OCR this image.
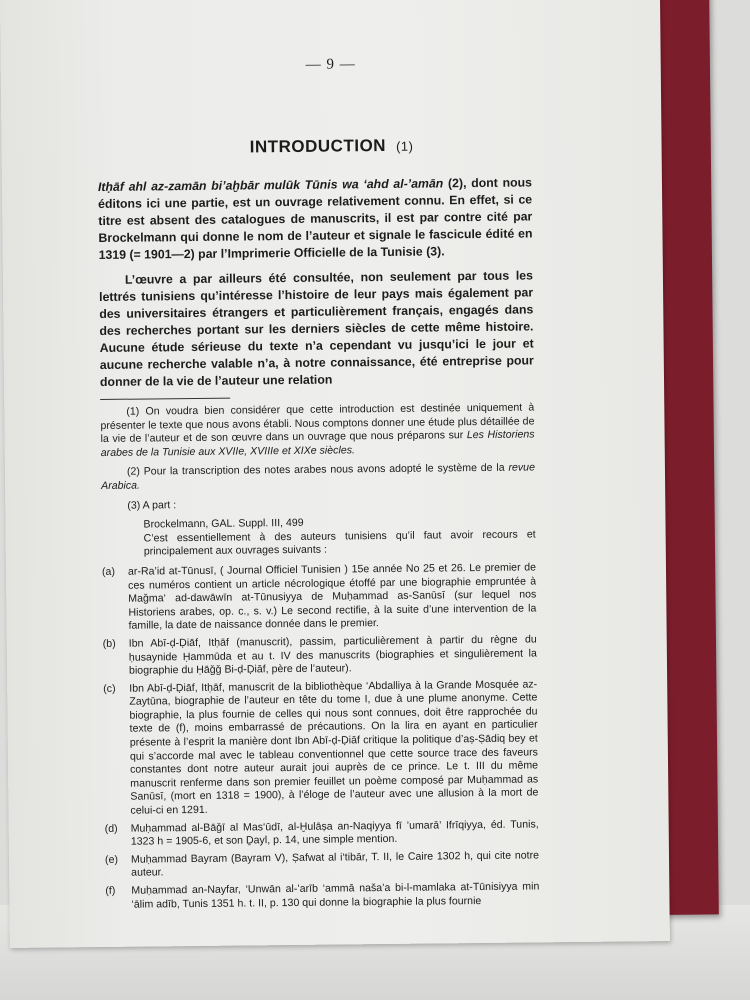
— 9 —
INTRODUCTION (1)

Itḥāf ahl az-zamān bi’aḫbār mulūk Tūnis wa ‘ahd al-’amān (2), dont nous éditons ici une partie, est un ouvrage relativement connu. En effet, si ce titre est absent des catalogues de manuscrits, il est par contre cité par Brockelmann qui donne le nom de l’auteur et signale le fascicule édité en 1319 (= 1901—2) par l’Imprimerie Officielle de la Tunisie (3).

L’œuvre a par ailleurs été consultée, non seulement par tous les lettrés tunisiens qu’intéresse l’histoire de leur pays mais également par des universitaires étrangers et particulièrement français, engagés dans des recherches portant sur les derniers siècles de cette même histoire. Aucune étude sérieuse du texte n’a cependant vu jusqu’ici le jour et aucune recherche valable n’a, à notre connaissance, été entreprise pour donner de la vie de l’auteur une relation

(1) On voudra bien considérer que cette introduction est destinée uniquement à présenter le texte que nous avons établi. Nous comptons donner une étude plus détaillée de la vie de l’auteur et de son œuvre dans un ouvrage que nous préparons sur Les Historiens arabes de la Tunisie aux XVIIe, XVIIIe et XIXe siècles.

(2) Pour la transcription des notes arabes nous avons adopté le système de la revue Arabica.

(3) A part :

Brockelmann, GAL. Suppl. III, 499

C’est essentiellement à des auteurs tunisiens qu’il faut avoir recours et principalement aux ouvrages suivants :

(a)	ar-Ra’id at-Tūnusī, ( Journal Officiel Tunisien ) 15e année No 25 et 26. Le premier de ces numéros contient un article nécrologique étoffé par une biographie empruntée à Maǧma‘ ad-dawāwīn at-Tūnusiyya de Muḥammad as-Sanūsī (sur lequel nos Historiens arabes, op. c., s. v.) Le second rectifie, à la suite d’une intervention de la famille, la date de naissance donnée dans le premier.
(b)	Ibn Abī-ḍ-Ḍiāf, Itḥāf (manuscrit), passim, particulièrement à partir du règne du ḥusaynide Ḥammūda et au t. IV des manuscrits (biographies et singulièrement la biographie du Ḥāǧǧ Bi-ḍ-Ḍiāf, père de l’auteur).
(c)	Ibn Abī-ḍ-Ḍiāf, Itḥāf, manuscrit de la bibliothèque ‘Abdalliya à la Grande Mosquée az-Zaytūna, biographie de l’auteur en tête du tome I, due à une plume anonyme. Cette biographie, la plus fournie de celles qui nous sont connues, doit être rapprochée du texte de (f), moins embarrassé de précautions. On la lira en ayant en particulier présente à l’esprit la manière dont Ibn Abī-ḍ-Ḍiāf critique la politique d’aṣ-Ṣādiq bey et qui s’accorde mal avec le tableau conventionnel que cette source trace des faveurs constantes dont notre auteur aurait joui auprès de ce prince. Le t. III du même manuscrit renferme dans son premier feuillet un poème composé par Muḥammad as Sanūsī, (mort en 1318 = 1900), à l’éloge de l’auteur avec une allusion à la mort de celui-ci en 1291.
(d)	Muḥammad al-Bāǧī al Mas‘ūdī, al-Ḫulāṣa an-Naqiyya fī ’umarā’ Ifrīqiyya, éd. Tunis, 1323 h = 1905-6, et son Ḏayl, p. 14, une simple mention.
(e)	Muḥammad Bayram (Bayram V), Ṣafwat al i‘tibār, T. II, le Caire 1302 h, qui cite notre auteur.
(f)	Muḥammad an-Nayfar, ‘Unwān al-’arīb ‘ammā naša’a bi-l-mamlaka at-Tūnisiyya min ‘ālim adīb, Tunis 1351 h. t. II, p. 130 qui donne la biographie la plus fournie
